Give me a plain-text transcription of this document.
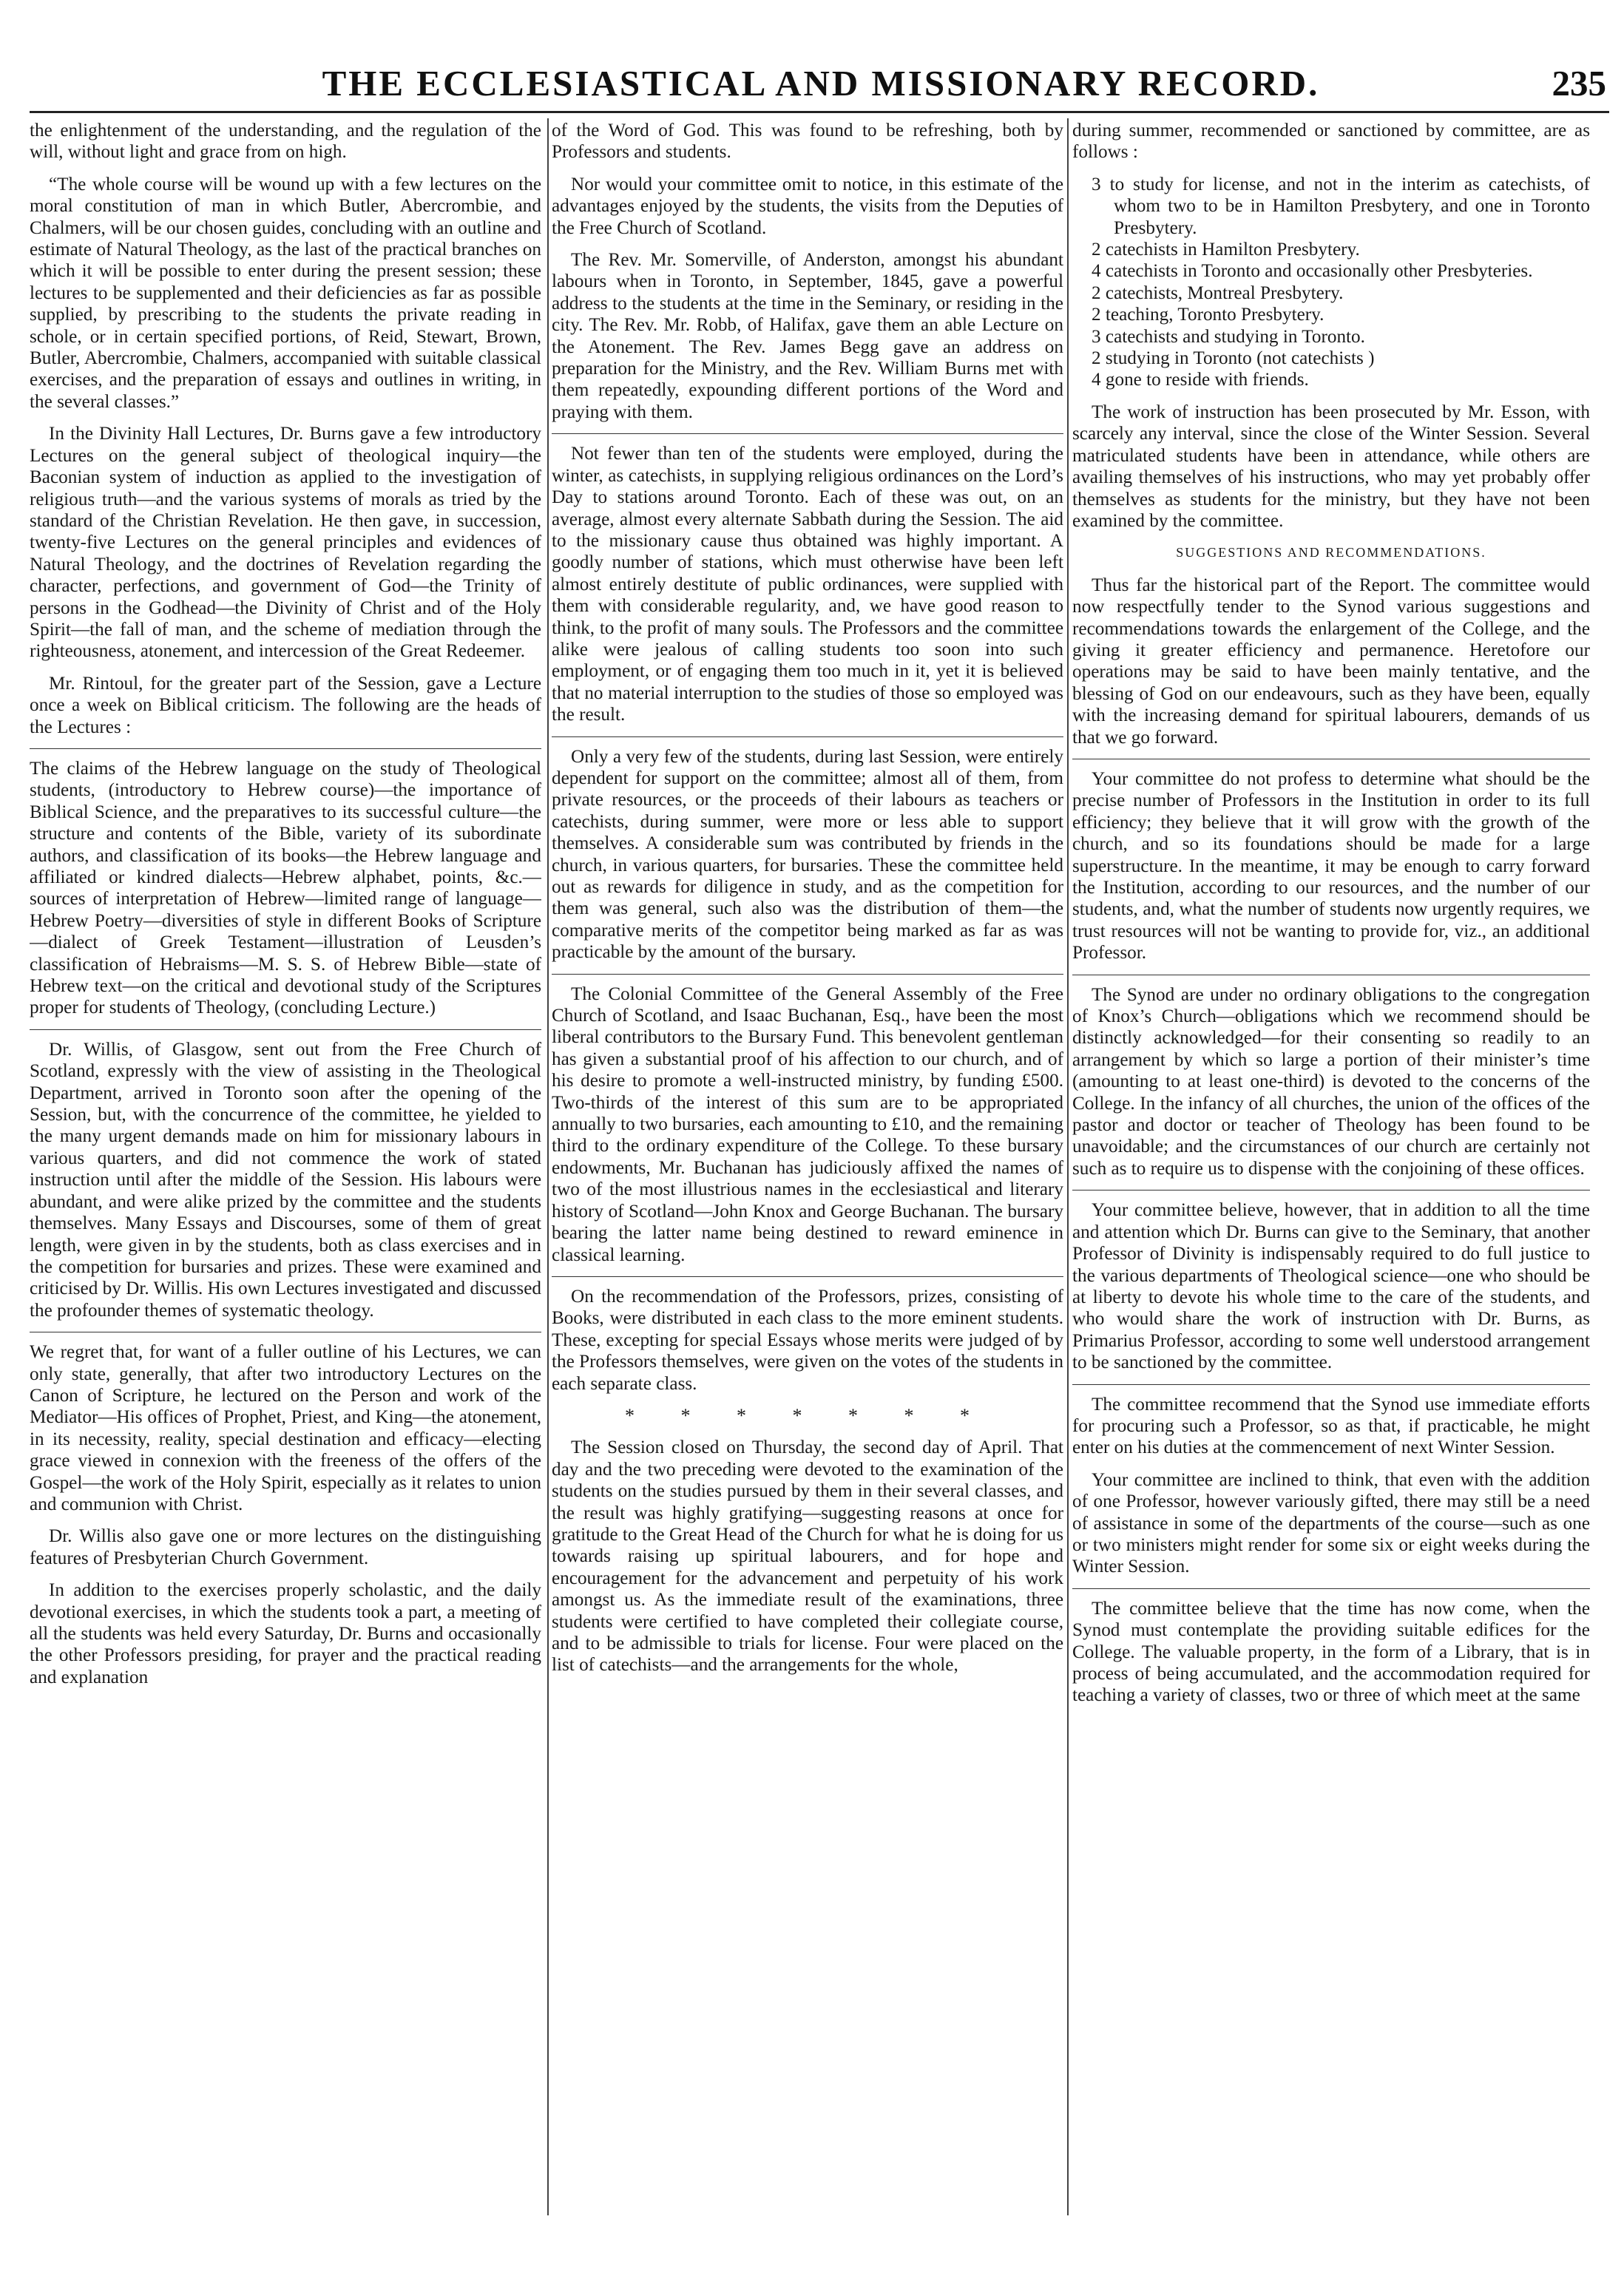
THE ECCLESIASTICAL AND MISSIONARY RECORD.	235

the enlightenment of the understanding, and the regulation of the will, without light and grace from on high.

“The whole course will be wound up with a few lectures on the moral constitution of man in which Butler, Abercrombie, and Chalmers, will be our chosen guides, concluding with an outline and estimate of Natural Theology, as the last of the practical branches on which it will be possible to enter during the present session; these lectures to be supplemented and their deficiencies as far as possible supplied, by prescribing to the students the private reading in schole, or in certain specified portions, of Reid, Stewart, Brown, Butler, Abercrombie, Chalmers, accompanied with suitable classical exercises, and the preparation of essays and outlines in writing, in the several classes.”

In the Divinity Hall Lectures, Dr. Burns gave a few introductory Lectures on the general subject of theological inquiry—the Baconian system of induction as applied to the investigation of religious truth—and the various systems of morals as tried by the standard of the Christian Revelation. He then gave, in succession, twenty-five Lectures on the general principles and evidences of Natural Theology, and the doctrines of Revelation regarding the character, perfections, and government of God—the Trinity of persons in the Godhead—the Divinity of Christ and of the Holy Spirit—the fall of man, and the scheme of mediation through the righteousness, atonement, and intercession of the Great Redeemer.

Mr. Rintoul, for the greater part of the Session, gave a Lecture once a week on Biblical criticism. The following are the heads of the Lectures :

The claims of the Hebrew language on the study of Theological students, (introductory to Hebrew course)—the importance of Biblical Science, and the preparatives to its successful culture—the structure and contents of the Bible, variety of its subordinate authors, and classification of its books—the Hebrew language and affiliated or kindred dialects—Hebrew alphabet, points, &c.—sources of interpretation of Hebrew—limited range of language—Hebrew Poetry—diversities of style in different Books of Scripture—dialect of Greek Testament—illustration of Leusden’s classification of Hebraisms—M. S. S. of Hebrew Bible—state of Hebrew text—on the critical and devotional study of the Scriptures proper for students of Theology, (concluding Lecture.)

Dr. Willis, of Glasgow, sent out from the Free Church of Scotland, expressly with the view of assisting in the Theological Department, arrived in Toronto soon after the opening of the Session, but, with the concurrence of the committee, he yielded to the many urgent demands made on him for missionary labours in various quarters, and did not commence the work of stated instruction until after the middle of the Session. His labours were abundant, and were alike prized by the committee and the students themselves. Many Essays and Discourses, some of them of great length, were given in by the students, both as class exercises and in the competition for bursaries and prizes. These were examined and criticised by Dr. Willis. His own Lectures investigated and discussed the profounder themes of systematic theology.

We regret that, for want of a fuller outline of his Lectures, we can only state, generally, that after two introductory Lectures on the Canon of Scripture, he lectured on the Person and work of the Mediator—His offices of Prophet, Priest, and King—the atonement, in its necessity, reality, special destination and efficacy—electing grace viewed in connexion with the freeness of the offers of the Gospel—the work of the Holy Spirit, especially as it relates to union and communion with Christ.

Dr. Willis also gave one or more lectures on the distinguishing features of Presbyterian Church Government.

In addition to the exercises properly scholastic, and the daily devotional exercises, in which the students took a part, a meeting of all the students was held every Saturday, Dr. Burns and occasionally the other Professors presiding, for prayer and the practical reading and explanation

of the Word of God. This was found to be refreshing, both by Professors and students.

Nor would your committee omit to notice, in this estimate of the advantages enjoyed by the students, the visits from the Deputies of the Free Church of Scotland.

The Rev. Mr. Somerville, of Anderston, amongst his abundant labours when in Toronto, in September, 1845, gave a powerful address to the students at the time in the Seminary, or residing in the city. The Rev. Mr. Robb, of Halifax, gave them an able Lecture on the Atonement. The Rev. James Begg gave an address on preparation for the Ministry, and the Rev. William Burns met with them repeatedly, expounding different portions of the Word and praying with them.

Not fewer than ten of the students were employed, during the winter, as catechists, in supplying religious ordinances on the Lord’s Day to stations around Toronto. Each of these was out, on an average, almost every alternate Sabbath during the Session. The aid to the missionary cause thus obtained was highly important. A goodly number of stations, which must otherwise have been left almost entirely destitute of public ordinances, were supplied with them with considerable regularity, and, we have good reason to think, to the profit of many souls. The Professors and the committee alike were jealous of calling students too soon into such employment, or of engaging them too much in it, yet it is believed that no material interruption to the studies of those so employed was the result.

Only a very few of the students, during last Session, were entirely dependent for support on the committee; almost all of them, from private resources, or the proceeds of their labours as teachers or catechists, during summer, were more or less able to support themselves. A considerable sum was contributed by friends in the church, in various quarters, for bursaries. These the committee held out as rewards for diligence in study, and as the competition for them was general, such also was the distribution of them—the comparative merits of the competitor being marked as far as was practicable by the amount of the bursary.

The Colonial Committee of the General Assembly of the Free Church of Scotland, and Isaac Buchanan, Esq., have been the most liberal contributors to the Bursary Fund. This benevolent gentleman has given a substantial proof of his affection to our church, and of his desire to promote a well-instructed ministry, by funding £500. Two-thirds of the interest of this sum are to be appropriated annually to two bursaries, each amounting to £10, and the remaining third to the ordinary expenditure of the College. To these bursary endowments, Mr. Buchanan has judiciously affixed the names of two of the most illustrious names in the ecclesiastical and literary history of Scotland—John Knox and George Buchanan. The bursary bearing the latter name being destined to reward eminence in classical learning.

On the recommendation of the Professors, prizes, consisting of Books, were distributed in each class to the more eminent students. These, excepting for special Essays whose merits were judged of by the Professors themselves, were given on the votes of the students in each separate class.

* * * * * * *

The Session closed on Thursday, the second day of April. That day and the two preceding were devoted to the examination of the students on the studies pursued by them in their several classes, and the result was highly gratifying—suggesting reasons at once for gratitude to the Great Head of the Church for what he is doing for us towards raising up spiritual labourers, and for hope and encouragement for the advancement and perpetuity of his work amongst us. As the immediate result of the examinations, three students were certified to have completed their collegiate course, and to be admissible to trials for license. Four were placed on the list of catechists—and the arrangements for the whole,

during summer, recommended or sanctioned by committee, are as follows :

3 to study for license, and not in the interim as catechists, of whom two to be in Hamilton Presbytery, and one in Toronto Presbytery.
2 catechists in Hamilton Presbytery.
4 catechists in Toronto and occasionally other Presbyteries.
2 catechists, Montreal Presbytery.
2 teaching, Toronto Presbytery.
3 catechists and studying in Toronto.
2 studying in Toronto (not catechists )
4 gone to reside with friends.

The work of instruction has been prosecuted by Mr. Esson, with scarcely any interval, since the close of the Winter Session. Several matriculated students have been in attendance, while others are availing themselves of his instructions, who may yet probably offer themselves as students for the ministry, but they have not been examined by the committee.

SUGGESTIONS AND RECOMMENDATIONS.

Thus far the historical part of the Report. The committee would now respectfully tender to the Synod various suggestions and recommendations towards the enlargement of the College, and the giving it greater efficiency and permanence. Heretofore our operations may be said to have been mainly tentative, and the blessing of God on our endeavours, such as they have been, equally with the increasing demand for spiritual labourers, demands of us that we go forward.

Your committee do not profess to determine what should be the precise number of Professors in the Institution in order to its full efficiency; they believe that it will grow with the growth of the church, and so its foundations should be made for a large superstructure. In the meantime, it may be enough to carry forward the Institution, according to our resources, and the number of our students, and, what the number of students now urgently requires, we trust resources will not be wanting to provide for, viz., an additional Professor.

The Synod are under no ordinary obligations to the congregation of Knox’s Church—obligations which we recommend should be distinctly acknowledged—for their consenting so readily to an arrangement by which so large a portion of their minister’s time (amounting to at least one-third) is devoted to the concerns of the College. In the infancy of all churches, the union of the offices of the pastor and doctor or teacher of Theology has been found to be unavoidable; and the circumstances of our church are certainly not such as to require us to dispense with the conjoining of these offices.

Your committee believe, however, that in addition to all the time and attention which Dr. Burns can give to the Seminary, that another Professor of Divinity is indispensably required to do full justice to the various departments of Theological science—one who should be at liberty to devote his whole time to the care of the students, and who would share the work of instruction with Dr. Burns, as Primarius Professor, according to some well understood arrangement to be sanctioned by the committee.

The committee recommend that the Synod use immediate efforts for procuring such a Professor, so as that, if practicable, he might enter on his duties at the commencement of next Winter Session.

Your committee are inclined to think, that even with the addition of one Professor, however variously gifted, there may still be a need of assistance in some of the departments of the course—such as one or two ministers might render for some six or eight weeks during the Winter Session.

The committee believe that the time has now come, when the Synod must contemplate the providing suitable edifices for the College. The valuable property, in the form of a Library, that is in process of being accumulated, and the accommodation required for teaching a variety of classes, two or three of which meet at the same
